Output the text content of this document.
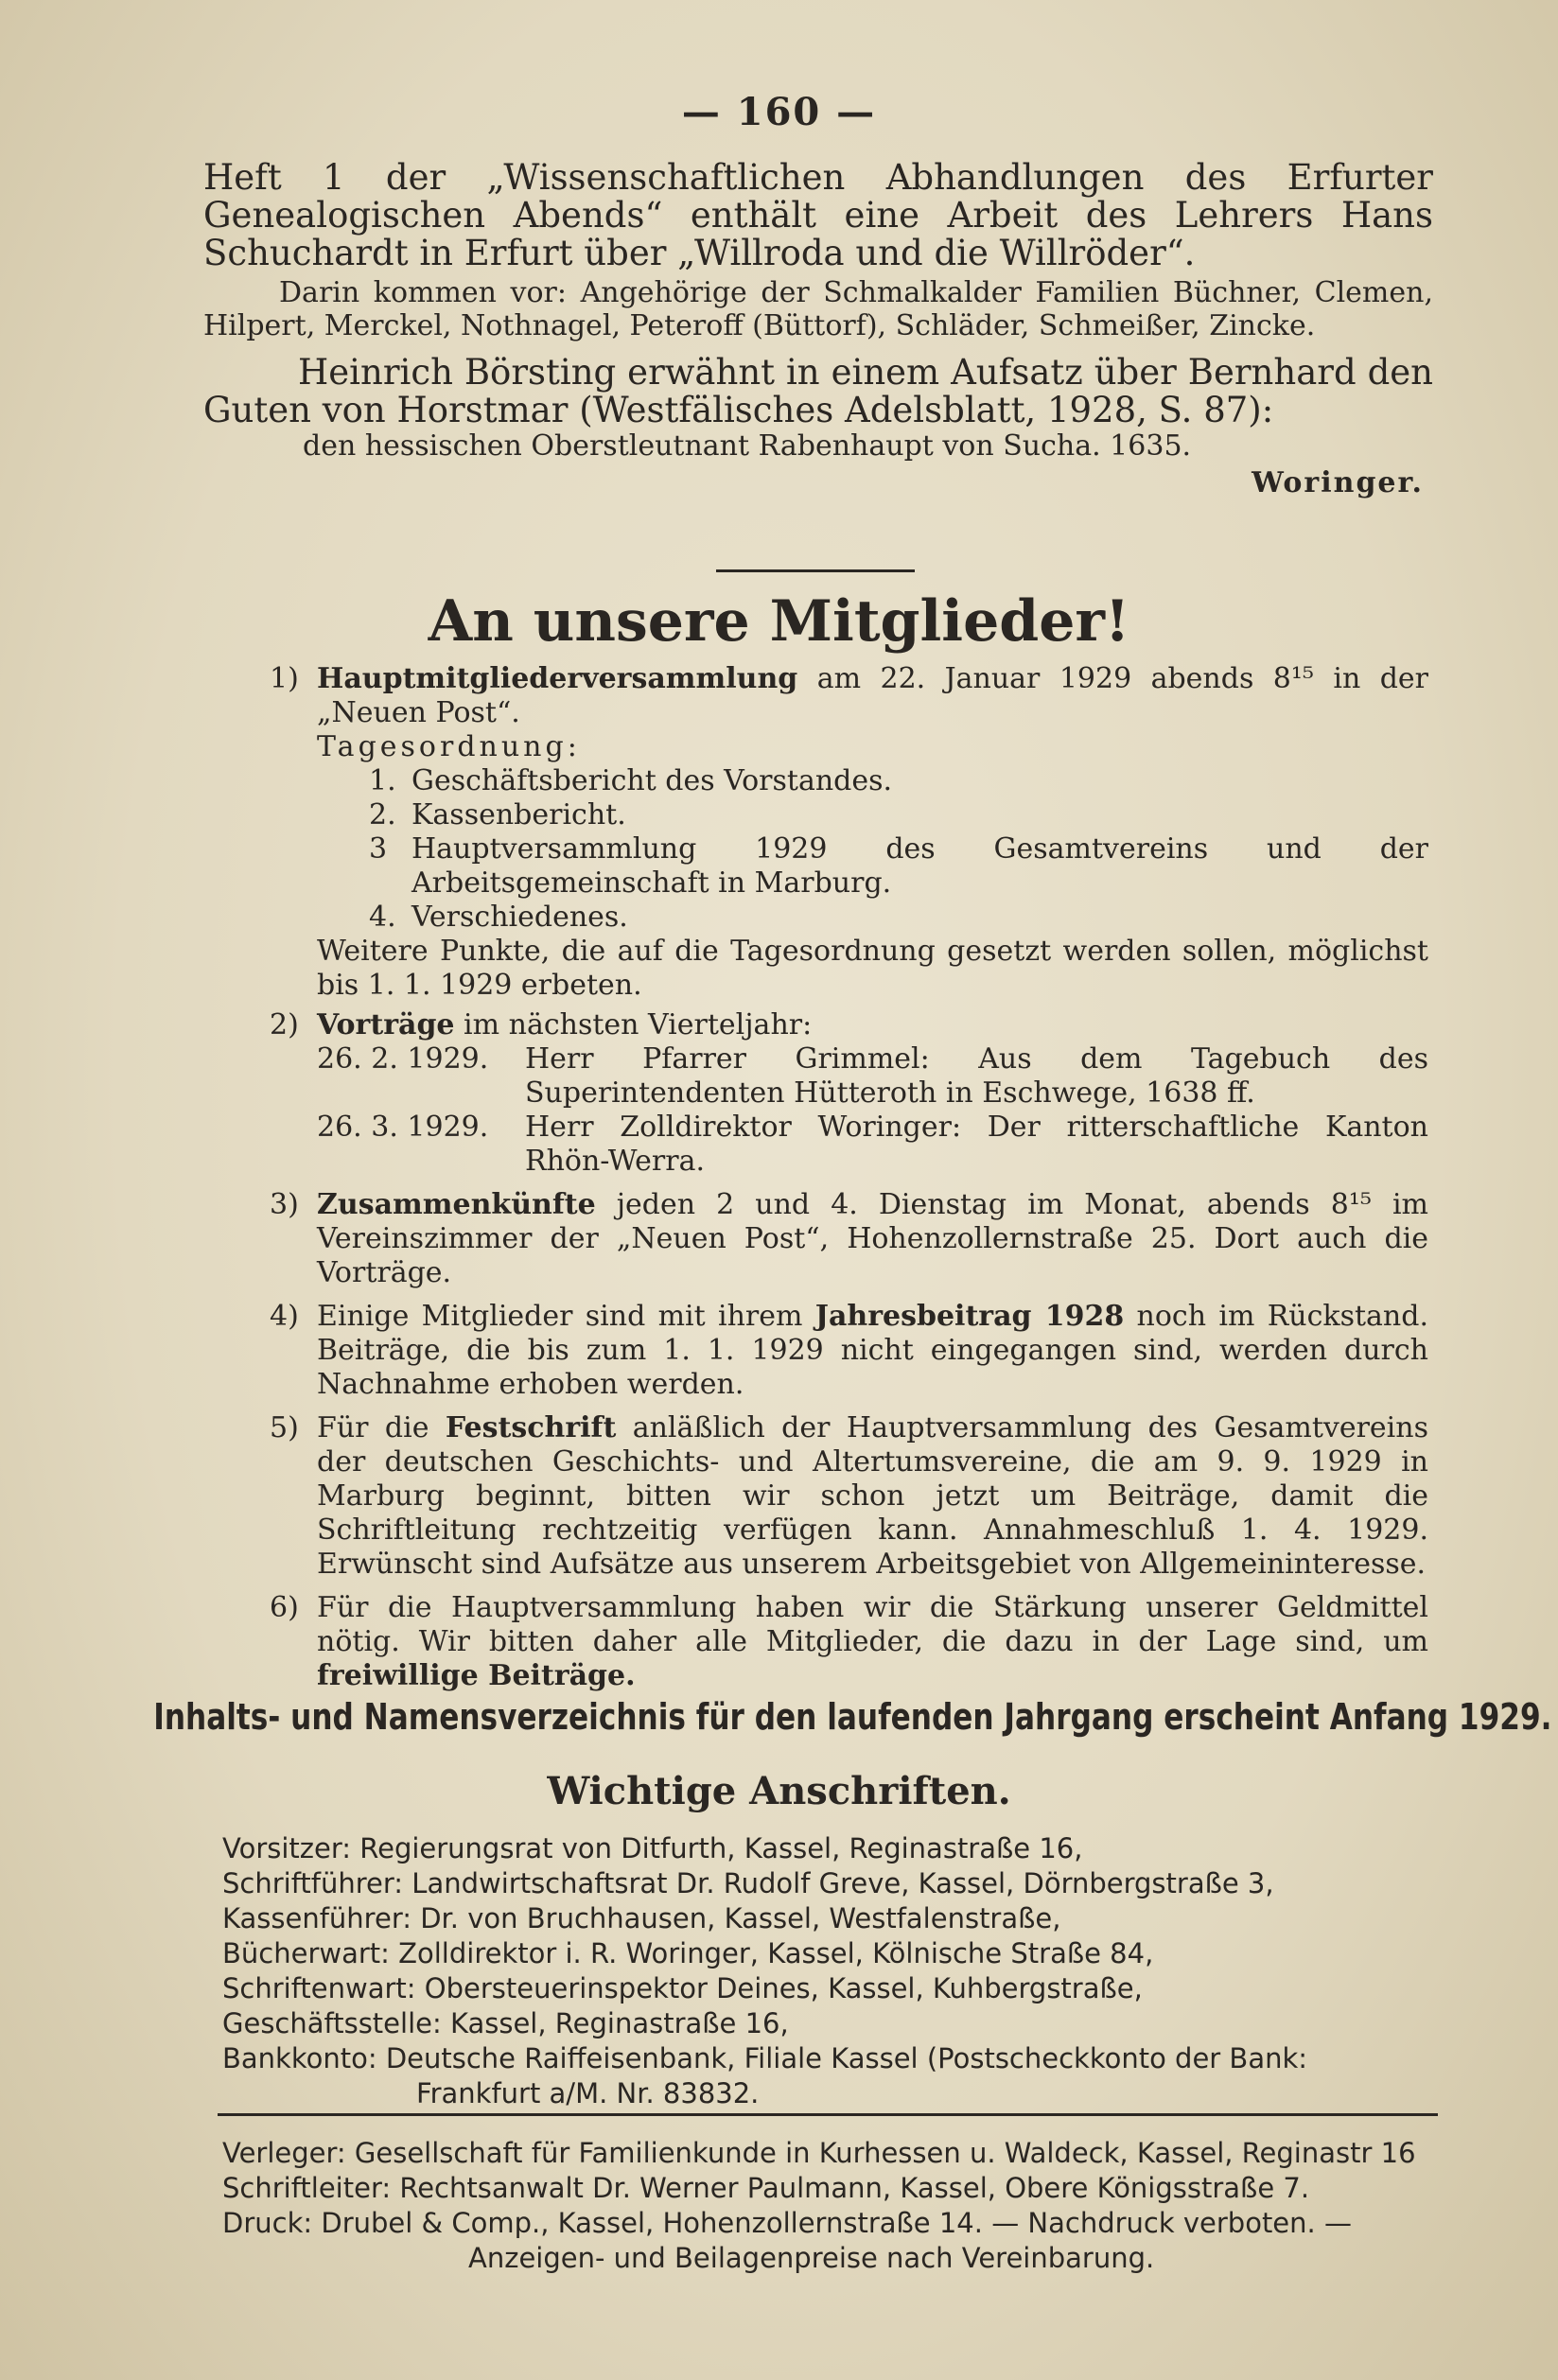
— 160 —

Heft 1 der „Wissenschaftlichen Abhandlungen des Erfurter Genealogischen Abends“ enthält eine Arbeit des Lehrers Hans Schuchardt in Erfurt über „Willroda und die Willröder“.

Darin kommen vor: Angehörige der Schmalkalder Familien Büchner, Clemen, Hilpert, Merckel, Nothnagel, Peteroff (Büttorf), Schläder, Schmeißer, Zincke.

Heinrich Börsting erwähnt in einem Aufsatz über Bernhard den Guten von Horstmar (Westfälisches Adelsblatt, 1928, S. 87):

den hessischen Oberstleutnant Rabenhaupt von Sucha. 1635.

Woringer.

An unsere Mitglieder!
1) Hauptmitgliederversammlung am 22. Januar 1929 abends 8¹⁵ in der „Neuen Post“.
Tagesordnung:
1. Geschäftsbericht des Vorstandes.
2. Kassenbericht.
3 Hauptversammlung 1929 des Gesamtvereins und der Arbeitsgemeinschaft in Marburg.
4. Verschiedenes.
Weitere Punkte, die auf die Tagesordnung gesetzt werden sollen, möglichst bis 1. 1. 1929 erbeten.
2) Vorträge im nächsten Vierteljahr:
26. 2. 1929.	Herr Pfarrer Grimmel: Aus dem Tagebuch des Superintendenten Hütteroth in Eschwege, 1638 ff.
26. 3. 1929.	Herr Zolldirektor Woringer: Der ritterschaftliche Kanton Rhön-Werra.
3) Zusammenkünfte jeden 2 und 4. Dienstag im Monat, abends 8¹⁵ im Vereinszimmer der „Neuen Post“, Hohenzollernstraße 25. Dort auch die Vorträge.
4) Einige Mitglieder sind mit ihrem Jahresbeitrag 1928 noch im Rückstand. Beiträge, die bis zum 1. 1. 1929 nicht eingegangen sind, werden durch Nachnahme erhoben werden.
5) Für die Festschrift anläßlich der Hauptversammlung des Gesamtvereins der deutschen Geschichts- und Altertumsvereine, die am 9. 9. 1929 in Marburg beginnt, bitten wir schon jetzt um Beiträge, damit die Schriftleitung rechtzeitig verfügen kann. Annahmeschluß 1. 4. 1929. Erwünscht sind Aufsätze aus unserem Arbeitsgebiet von Allgemeininteresse.
6) Für die Hauptversammlung haben wir die Stärkung unserer Geldmittel nötig. Wir bitten daher alle Mitglieder, die dazu in der Lage sind, um freiwillige Beiträge.
Inhalts- und Namensverzeichnis für den laufenden Jahrgang erscheint Anfang 1929.
Wichtige Anschriften.
Vorsitzer: Regierungsrat von Ditfurth, Kassel, Reginastraße 16,
Schriftführer: Landwirtschaftsrat Dr. Rudolf Greve, Kassel, Dörnbergstraße 3,
Kassenführer: Dr. von Bruchhausen, Kassel, Westfalenstraße,
Bücherwart: Zolldirektor i. R. Woringer, Kassel, Kölnische Straße 84,
Schriftenwart: Obersteuerinspektor Deines, Kassel, Kuhbergstraße,
Geschäftsstelle: Kassel, Reginastraße 16,
Bankkonto: Deutsche Raiffeisenbank, Filiale Kassel (Postscheckkonto der Bank:
Frankfurt a/M. Nr. 83832.
Verleger: Gesellschaft für Familienkunde in Kurhessen u. Waldeck, Kassel, Reginastr 16
Schriftleiter: Rechtsanwalt Dr. Werner Paulmann, Kassel, Obere Königsstraße 7.
Druck: Drubel & Comp., Kassel, Hohenzollernstraße 14. — Nachdruck verboten. —
Anzeigen- und Beilagenpreise nach Vereinbarung.
